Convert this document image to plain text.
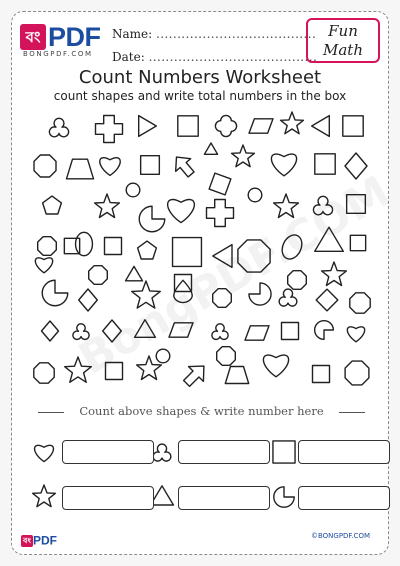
বং PDF
BONGPDF.COM
Name: ......................................
Date: ........................................
Fun
Math
Count Numbers Worksheet
count shapes and write total numbers in the box
Count above shapes & write number here
বং PDF	©BONGPDF.COM
